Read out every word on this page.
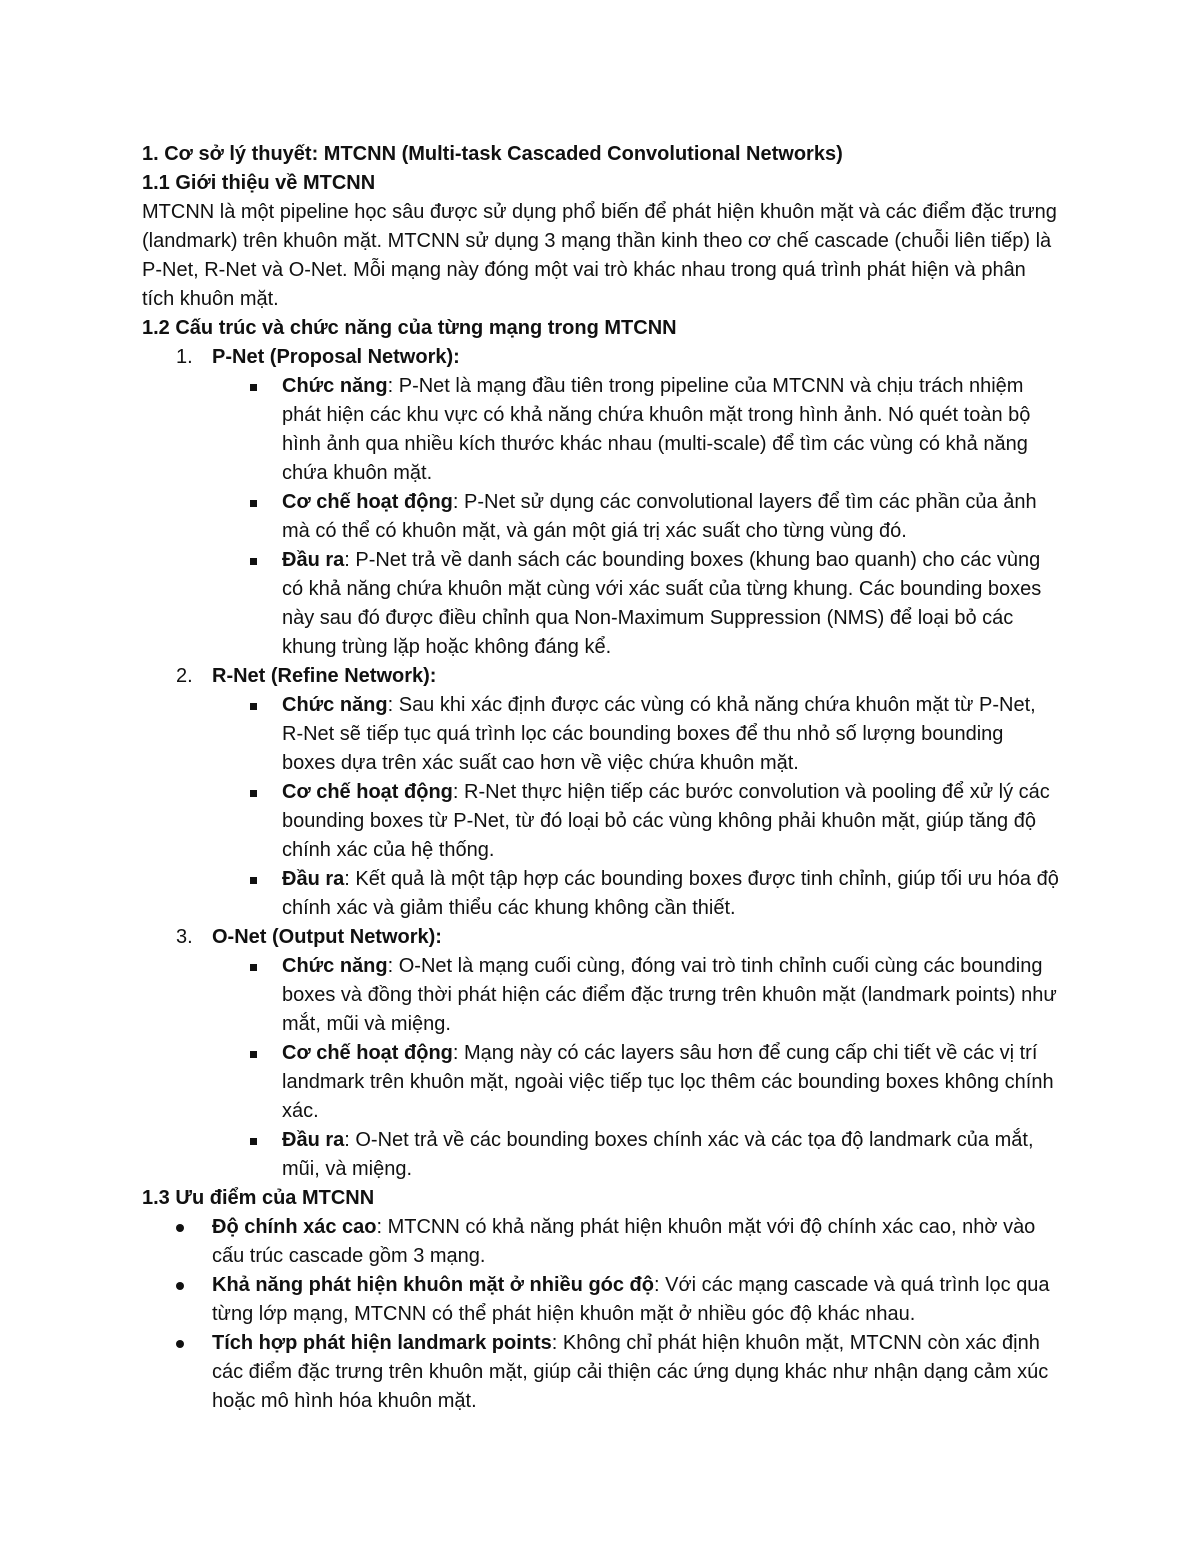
1. Cơ sở lý thuyết: MTCNN (Multi-task Cascaded Convolutional Networks)

1.1 Giới thiệu về MTCNN

MTCNN là một pipeline học sâu được sử dụng phổ biến để phát hiện khuôn mặt và các điểm đặc trưng (landmark) trên khuôn mặt. MTCNN sử dụng 3 mạng thần kinh theo cơ chế cascade (chuỗi liên tiếp) là P-Net, R-Net và O-Net. Mỗi mạng này đóng một vai trò khác nhau trong quá trình phát hiện và phân tích khuôn mặt.

1.2 Cấu trúc và chức năng của từng mạng trong MTCNN

1. P-Net (Proposal Network):
Chức năng: P-Net là mạng đầu tiên trong pipeline của MTCNN và chịu trách nhiệm phát hiện các khu vực có khả năng chứa khuôn mặt trong hình ảnh. Nó quét toàn bộ hình ảnh qua nhiều kích thước khác nhau (multi-scale) để tìm các vùng có khả năng chứa khuôn mặt.
Cơ chế hoạt động: P-Net sử dụng các convolutional layers để tìm các phần của ảnh mà có thể có khuôn mặt, và gán một giá trị xác suất cho từng vùng đó.
Đầu ra: P-Net trả về danh sách các bounding boxes (khung bao quanh) cho các vùng có khả năng chứa khuôn mặt cùng với xác suất của từng khung. Các bounding boxes này sau đó được điều chỉnh qua Non-Maximum Suppression (NMS) để loại bỏ các khung trùng lặp hoặc không đáng kể.
2. R-Net (Refine Network):
Chức năng: Sau khi xác định được các vùng có khả năng chứa khuôn mặt từ P-Net, R-Net sẽ tiếp tục quá trình lọc các bounding boxes để thu nhỏ số lượng bounding boxes dựa trên xác suất cao hơn về việc chứa khuôn mặt.
Cơ chế hoạt động: R-Net thực hiện tiếp các bước convolution và pooling để xử lý các bounding boxes từ P-Net, từ đó loại bỏ các vùng không phải khuôn mặt, giúp tăng độ chính xác của hệ thống.
Đầu ra: Kết quả là một tập hợp các bounding boxes được tinh chỉnh, giúp tối ưu hóa độ chính xác và giảm thiểu các khung không cần thiết.
3. O-Net (Output Network):
Chức năng: O-Net là mạng cuối cùng, đóng vai trò tinh chỉnh cuối cùng các bounding boxes và đồng thời phát hiện các điểm đặc trưng trên khuôn mặt (landmark points) như mắt, mũi và miệng.
Cơ chế hoạt động: Mạng này có các layers sâu hơn để cung cấp chi tiết về các vị trí landmark trên khuôn mặt, ngoài việc tiếp tục lọc thêm các bounding boxes không chính xác.
Đầu ra: O-Net trả về các bounding boxes chính xác và các tọa độ landmark của mắt, mũi, và miệng.

1.3 Ưu điểm của MTCNN

Độ chính xác cao: MTCNN có khả năng phát hiện khuôn mặt với độ chính xác cao, nhờ vào cấu trúc cascade gồm 3 mạng.
Khả năng phát hiện khuôn mặt ở nhiều góc độ: Với các mạng cascade và quá trình lọc qua từng lớp mạng, MTCNN có thể phát hiện khuôn mặt ở nhiều góc độ khác nhau.
Tích hợp phát hiện landmark points: Không chỉ phát hiện khuôn mặt, MTCNN còn xác định các điểm đặc trưng trên khuôn mặt, giúp cải thiện các ứng dụng khác như nhận dạng cảm xúc hoặc mô hình hóa khuôn mặt.
